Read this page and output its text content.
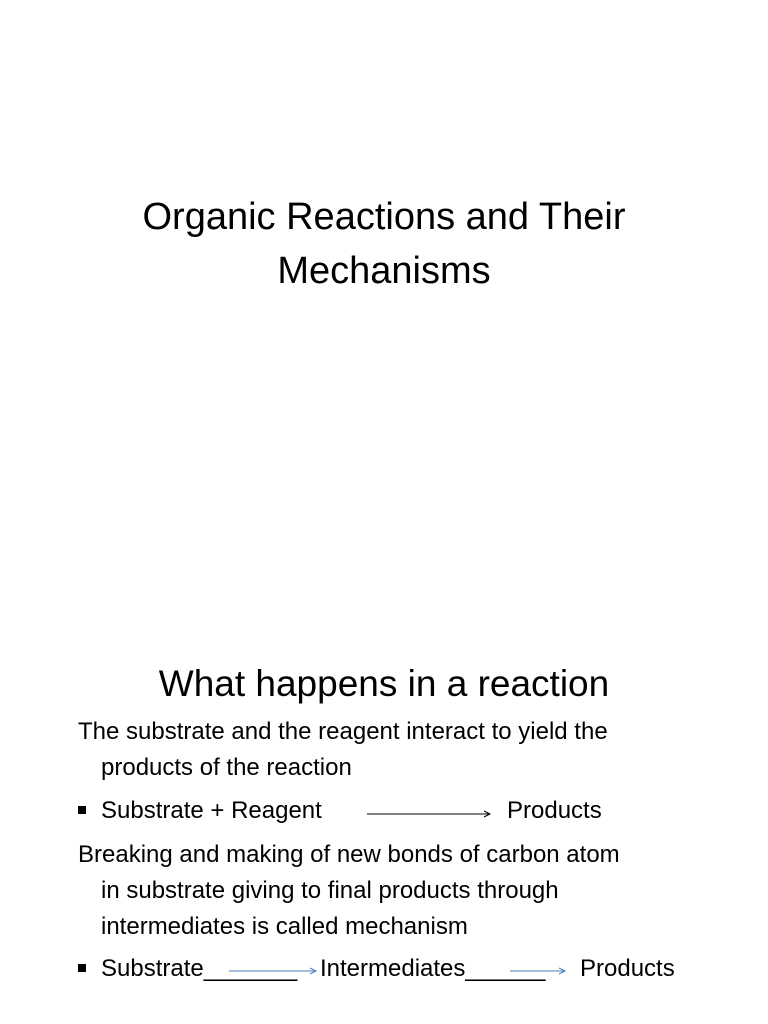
Organic Reactions and Their
Mechanisms
What happens in a reaction

The substrate and the reagent interact to yield the
products of the reaction

Substrate + Reagent	Products

Breaking and making of new bonds of carbon atom
in substrate giving to final products through
intermediates is called mechanism

Substrate_______ Intermediates______ Products
